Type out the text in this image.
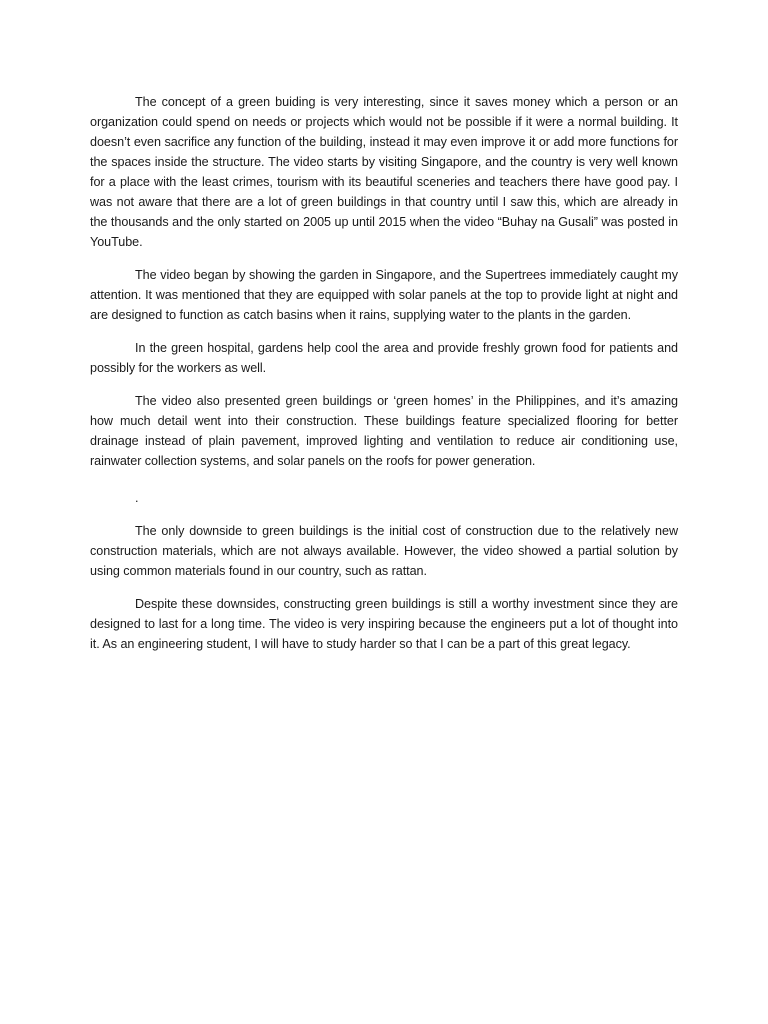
The concept of a green buiding is very interesting, since it saves money which a person or an organization could spend on needs or projects which would not be possible if it were a normal building. It doesn’t even sacrifice any function of the building, instead it may even improve it or add more functions for the spaces inside the structure. The video starts by visiting Singapore, and the country is very well known for a place with the least crimes, tourism with its beautiful sceneries and teachers there have good pay. I was not aware that there are a lot of green buildings in that country until I saw this, which are already in the thousands and the only started on 2005 up until 2015 when the video “Buhay na Gusali” was posted in YouTube.

The video began by showing the garden in Singapore, and the Supertrees immediately caught my attention. It was mentioned that they are equipped with solar panels at the top to provide light at night and are designed to function as catch basins when it rains, supplying water to the plants in the garden.

In the green hospital, gardens help cool the area and provide freshly grown food for patients and possibly for the workers as well.

The video also presented green buildings or ‘green homes’ in the Philippines, and it’s amazing how much detail went into their construction. These buildings feature specialized flooring for better drainage instead of plain pavement, improved lighting and ventilation to reduce air conditioning use, rainwater collection systems, and solar panels on the roofs for power generation.

.

The only downside to green buildings is the initial cost of construction due to the relatively new construction materials, which are not always available. However, the video showed a partial solution by using common materials found in our country, such as rattan.

Despite these downsides, constructing green buildings is still a worthy investment since they are designed to last for a long time. The video is very inspiring because the engineers put a lot of thought into it. As an engineering student, I will have to study harder so that I can be a part of this great legacy.
